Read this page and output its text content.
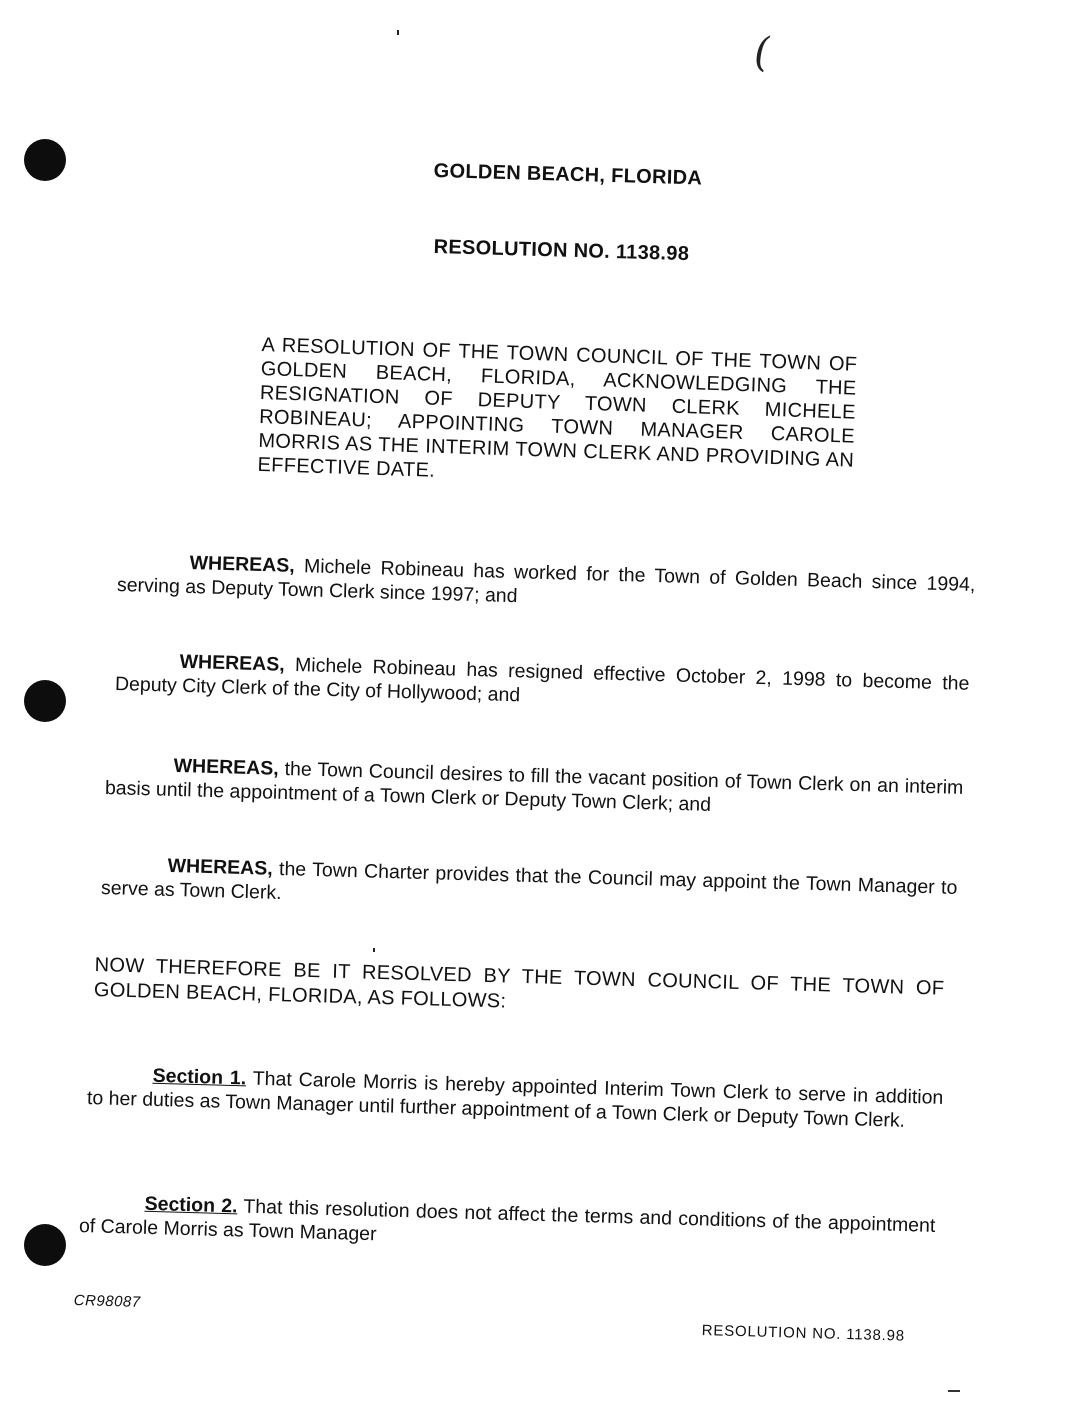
(
GOLDEN BEACH, FLORIDA
RESOLUTION NO. 1138.98
A RESOLUTION OF THE TOWN COUNCIL OF THE TOWN OF GOLDEN BEACH, FLORIDA, ACKNOWLEDGING THE RESIGNATION OF DEPUTY TOWN CLERK MICHELE ROBINEAU; APPOINTING TOWN MANAGER CAROLE MORRIS AS THE INTERIM TOWN CLERK AND PROVIDING AN EFFECTIVE DATE.
WHEREAS, Michele Robineau has worked for the Town of Golden Beach since 1994, serving as Deputy Town Clerk since 1997; and
WHEREAS, Michele Robineau has resigned effective October 2, 1998 to become the Deputy City Clerk of the City of Hollywood; and
WHEREAS, the Town Council desires to fill the vacant position of Town Clerk on an interim basis until the appointment of a Town Clerk or Deputy Town Clerk; and
WHEREAS, the Town Charter provides that the Council may appoint the Town Manager to serve as Town Clerk.
NOW THEREFORE BE IT RESOLVED BY THE TOWN COUNCIL OF THE TOWN OF GOLDEN BEACH, FLORIDA, AS FOLLOWS:
Section 1. That Carole Morris is hereby appointed Interim Town Clerk to serve in addition to her duties as Town Manager until further appointment of a Town Clerk or Deputy Town Clerk.
Section 2. That this resolution does not affect the terms and conditions of the appointment of Carole Morris as Town Manager
CR98087
RESOLUTION NO. 1138.98
